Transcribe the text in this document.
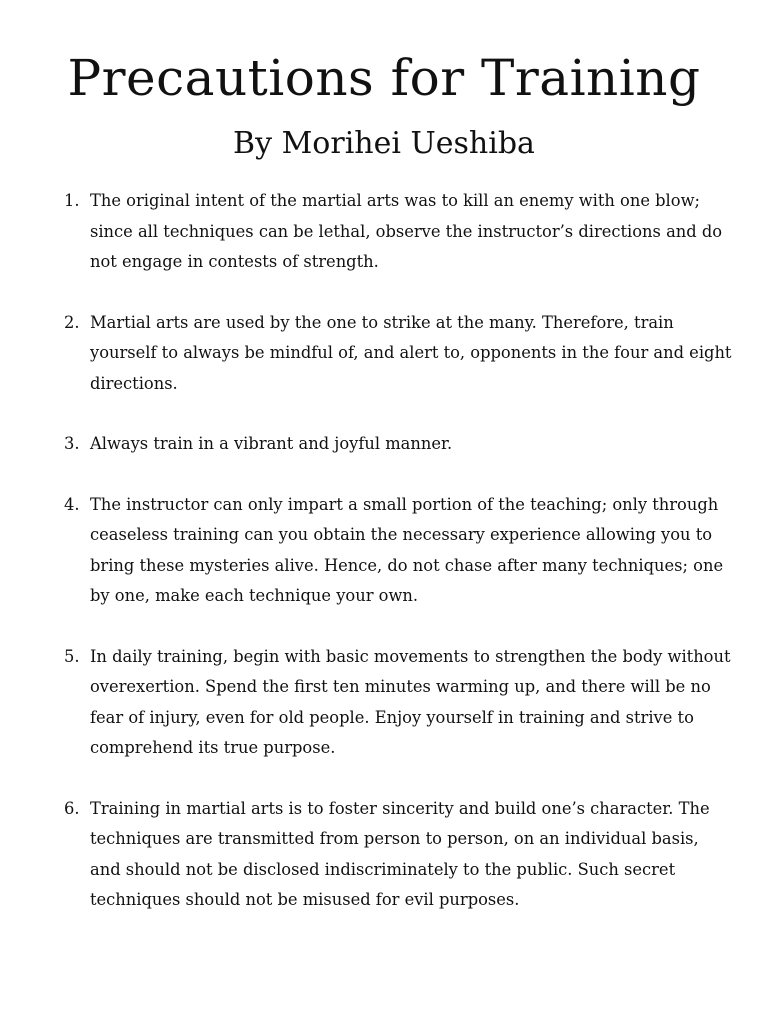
Precautions for Training
By Morihei Ueshiba
1. The original intent of the martial arts was to kill an enemy with one blow; since all techniques can be lethal, observe the instructor’s directions and do not engage in contests of strength.
2. Martial arts are used by the one to strike at the many. Therefore, train yourself to always be mindful of, and alert to, opponents in the four and eight directions.
3. Always train in a vibrant and joyful manner.
4. The instructor can only impart a small portion of the teaching; only through ceaseless training can you obtain the necessary experience allowing you to bring these mysteries alive. Hence, do not chase after many techniques; one by one, make each technique your own.
5. In daily training, begin with basic movements to strengthen the body without overexertion. Spend the first ten minutes warming up, and there will be no fear of injury, even for old people. Enjoy yourself in training and strive to comprehend its true purpose.
6. Training in martial arts is to foster sincerity and build one’s character. The techniques are transmitted from person to person, on an individual basis, and should not be disclosed indiscriminately to the public. Such secret techniques should not be misused for evil purposes.
